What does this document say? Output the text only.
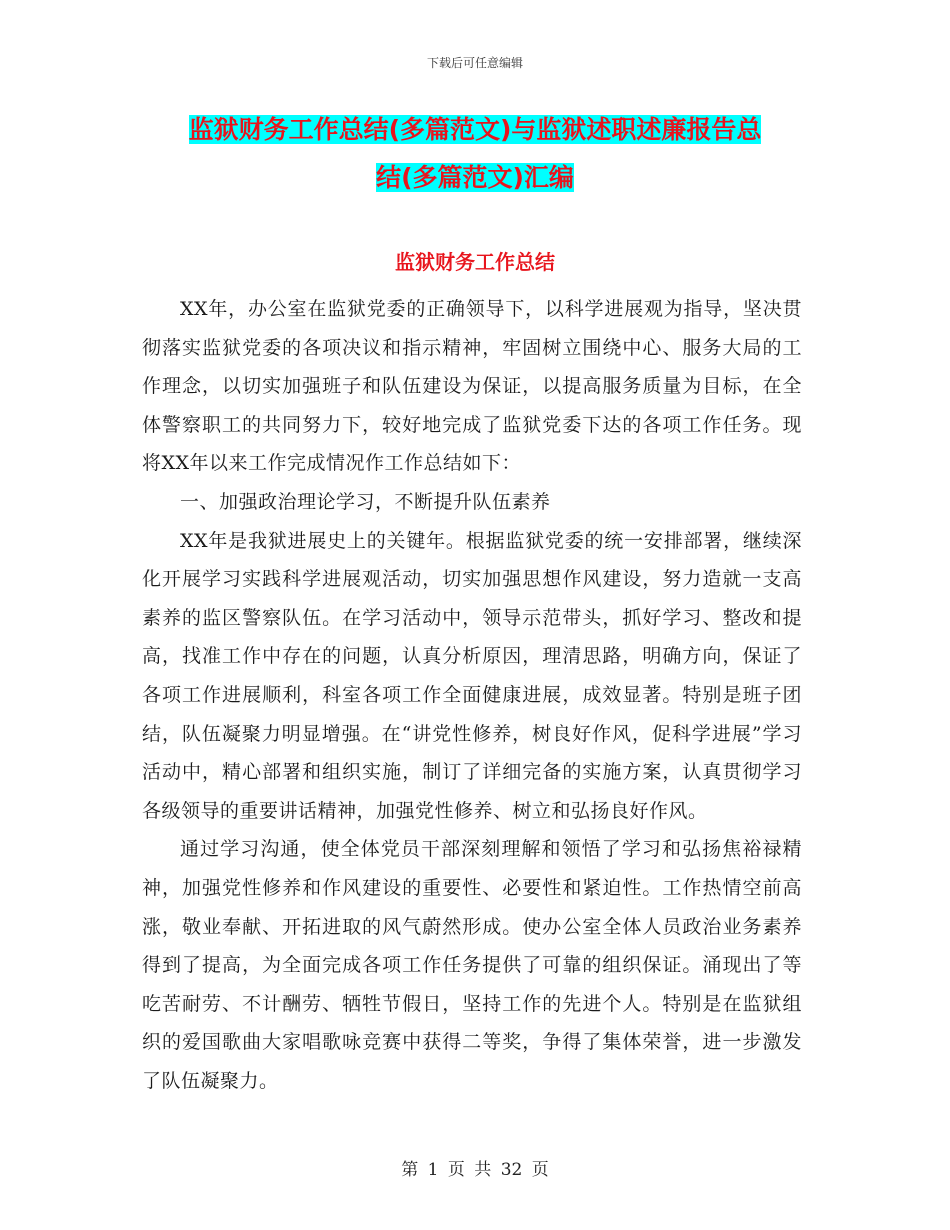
下载后可任意编辑
监狱财务工作总结(多篇范文)与监狱述职述廉报告总
结(多篇范文)汇编
监狱财务工作总结

XX年，办公室在监狱党委的正确领导下，以科学进展观为指导，坚决贯彻落实监狱党委的各项决议和指示精神，牢固树立围绕中心、服务大局的工作理念，以切实加强班子和队伍建设为保证，以提高服务质量为目标，在全体警察职工的共同努力下，较好地完成了监狱党委下达的各项工作任务。现将XX年以来工作完成情况作工作总结如下：

一、加强政治理论学习，不断提升队伍素养

XX年是我狱进展史上的关键年。根据监狱党委的统一安排部署，继续深化开展学习实践科学进展观活动，切实加强思想作风建设，努力造就一支高素养的监区警察队伍。在学习活动中，领导示范带头，抓好学习、整改和提高，找准工作中存在的问题，认真分析原因，理清思路，明确方向，保证了各项工作进展顺利，科室各项工作全面健康进展，成效显著。特别是班子团结，队伍凝聚力明显增强。在“讲党性修养，树良好作风，促科学进展”学习活动中，精心部署和组织实施，制订了详细完备的实施方案，认真贯彻学习各级领导的重要讲话精神，加强党性修养、树立和弘扬良好作风。

通过学习沟通，使全体党员干部深刻理解和领悟了学习和弘扬焦裕禄精神，加强党性修养和作风建设的重要性、必要性和紧迫性。工作热情空前高涨，敬业奉献、开拓进取的风气蔚然形成。使办公室全体人员政治业务素养得到了提高，为全面完成各项工作任务提供了可靠的组织保证。涌现出了等吃苦耐劳、不计酬劳、牺牲节假日，坚持工作的先进个人。特别是在监狱组织的爱国歌曲大家唱歌咏竞赛中获得二等奖，争得了集体荣誉，进一步激发了队伍凝聚力。

第 1 页 共 32 页
